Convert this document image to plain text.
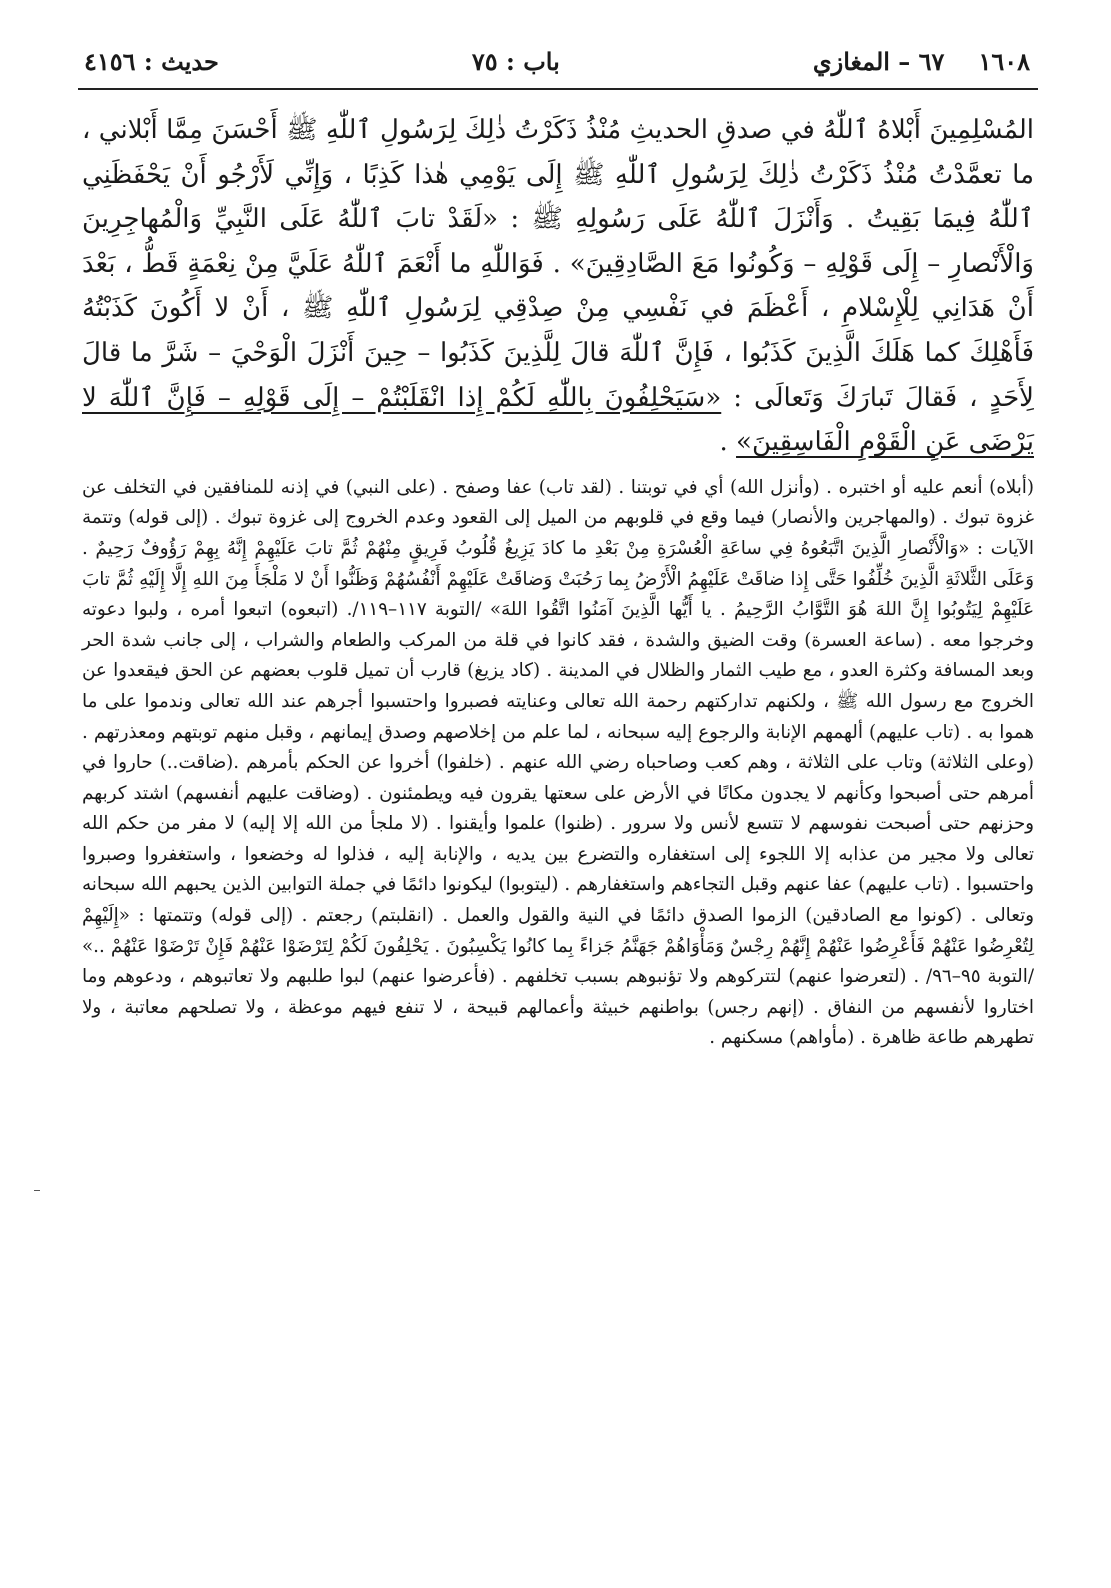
١٦٠٨
٦٧ – المغازي
باب : ٧٥
حديث : ٤١٥٦

المُسْلِمِينَ أَبْلاهُ ٱللّٰهُ في صدقِ الحديثِ مُنْذُ ذَكَرْتُ ذٰلِكَ لِرَسُولِ ٱللّٰهِ ﷺ أَحْسَنَ مِمَّا أَبْلاني ، ما تعمَّدْتُ مُنْذُ ذَكَرْتُ ذٰلِكَ لِرَسُولِ ٱللّٰهِ ﷺ إِلَى يَوْمِي هٰذا كَذِبًا ، وَإِنِّي لَأَرْجُو أَنْ يَحْفَظَنِي ٱللّٰهُ فِيمَا بَقِيتُ . وَأَنْزَلَ ٱللّٰهُ عَلَى رَسُولِهِ ﷺ : «لَقَدْ تابَ ٱللّٰهُ عَلَى النَّبِيِّ وَالْمُهاجِرِينَ وَالْأَنْصارِ – إِلَى قَوْلِهِ – وَكُونُوا مَعَ الصَّادِقِينَ» . فَوَاللّٰهِ ما أَنْعَمَ ٱللّٰهُ عَلَيَّ مِنْ نِعْمَةٍ قَطُّ ، بَعْدَ أَنْ هَدَانِي لِلْإِسْلامِ ، أَعْظَمَ في نَفْسِي مِنْ صِدْقِي لِرَسُولِ ٱللّٰهِ ﷺ ، أَنْ لا أَكُونَ كَذَبْتُهُ فَأَهْلِكَ كما هَلَكَ الَّذِينَ كَذَبُوا ، فَإِنَّ ٱللّٰهَ قالَ لِلَّذِينَ كَذَبُوا – حِينَ أَنْزَلَ الْوَحْيَ – شَرَّ ما قالَ لِأَحَدٍ ، فَقالَ تَبارَكَ وَتَعالَى : «سَيَحْلِفُونَ بِاللّٰهِ لَكُمْ إِذا انْقَلَبْتُمْ – إِلَى قَوْلِهِ – فَإِنَّ ٱللّٰهَ لا يَرْضَى عَنِ الْقَوْمِ الْفَاسِقِينَ» .

(أبلاه) أنعم عليه أو اختبره . (وأنزل الله) أي في توبتنا . (لقد تاب) عفا وصفح . (على النبي) في إذنه للمنافقين في التخلف عن غزوة تبوك . (والمهاجرين والأنصار) فيما وقع في قلوبهم من الميل إلى القعود وعدم الخروج إلى غزوة تبوك . (إلى قوله) وتتمة الآيات : «وَالْأَنْصارِ الَّذِينَ اتَّبَعُوهُ فِي ساعَةِ الْعُسْرَةِ مِنْ بَعْدِ ما كادَ يَزِيغُ قُلُوبُ فَرِيقٍ مِنْهُمْ ثُمَّ تابَ عَلَيْهِمْ إِنَّهُ بِهِمْ رَؤُوفٌ رَحِيمٌ . وَعَلَى الثَّلاثَةِ الَّذِينَ خُلِّفُوا حَتَّى إِذا ضاقَتْ عَلَيْهِمُ الْأَرْضُ بِما رَحُبَتْ وَضاقَتْ عَلَيْهِمْ أَنْفُسُهُمْ وَظَنُّوا أَنْ لا مَلْجَأَ مِنَ اللهِ إِلَّا إِلَيْهِ ثُمَّ تابَ عَلَيْهِمْ لِيَتُوبُوا إِنَّ اللهَ هُوَ التَّوَّابُ الرَّحِيمُ . يا أَيُّها الَّذِينَ آمَنُوا اتَّقُوا اللهَ» /التوبة ١١٧–١١٩/. (اتبعوه) اتبعوا أمره ، ولبوا دعوته وخرجوا معه . (ساعة العسرة) وقت الضيق والشدة ، فقد كانوا في قلة من المركب والطعام والشراب ، إلى جانب شدة الحر وبعد المسافة وكثرة العدو ، مع طيب الثمار والظلال في المدينة . (كاد يزيغ) قارب أن تميل قلوب بعضهم عن الحق فيقعدوا عن الخروج مع رسول الله ﷺ ، ولكنهم تداركتهم رحمة الله تعالى وعنايته فصبروا واحتسبوا أجرهم عند الله تعالى وندموا على ما هموا به . (تاب عليهم) ألهمهم الإنابة والرجوع إليه سبحانه ، لما علم من إخلاصهم وصدق إيمانهم ، وقبل منهم توبتهم ومعذرتهم . (وعلى الثلاثة) وتاب على الثلاثة ، وهم كعب وصاحباه رضي الله عنهم . (خلفوا) أخروا عن الحكم بأمرهم .(ضاقت..) حاروا في أمرهم حتى أصبحوا وكأنهم لا يجدون مكانًا في الأرض على سعتها يقرون فيه ويطمئنون . (وضاقت عليهم أنفسهم) اشتد كربهم وحزنهم حتى أصبحت نفوسهم لا تتسع لأنس ولا سرور . (ظنوا) علموا وأيقنوا . (لا ملجأ من الله إلا إليه) لا مفر من حكم الله تعالى ولا مجير من عذابه إلا اللجوء إلى استغفاره والتضرع بين يديه ، والإنابة إليه ، فذلوا له وخضعوا ، واستغفروا وصبروا واحتسبوا . (تاب عليهم) عفا عنهم وقبل التجاءهم واستغفارهم . (ليتوبوا) ليكونوا دائمًا في جملة التوابين الذين يحبهم الله سبحانه وتعالى . (كونوا مع الصادقين) الزموا الصدق دائمًا في النية والقول والعمل . (انقلبتم) رجعتم . (إلى قوله) وتتمتها : «إِلَيْهِمْ لِتُعْرِضُوا عَنْهُمْ فَأَعْرِضُوا عَنْهُمْ إِنَّهُمْ رِجْسٌ وَمَأْوَاهُمْ جَهَنَّمُ جَزاءً بِما كانُوا يَكْسِبُونَ . يَحْلِفُونَ لَكُمْ لِتَرْضَوْا عَنْهُمْ فَإِنْ تَرْضَوْا عَنْهُمْ ..» /التوبة ٩٥–٩٦/ . (لتعرضوا عنهم) لتتركوهم ولا تؤنبوهم بسبب تخلفهم . (فأعرضوا عنهم) لبوا طلبهم ولا تعاتبوهم ، ودعوهم وما اختاروا لأنفسهم من النفاق . (إنهم رجس) بواطنهم خبيثة وأعمالهم قبيحة ، لا تنفع فيهم موعظة ، ولا تصلحهم معاتبة ، ولا تطهرهم طاعة ظاهرة . (مأواهم) مسكنهم .
